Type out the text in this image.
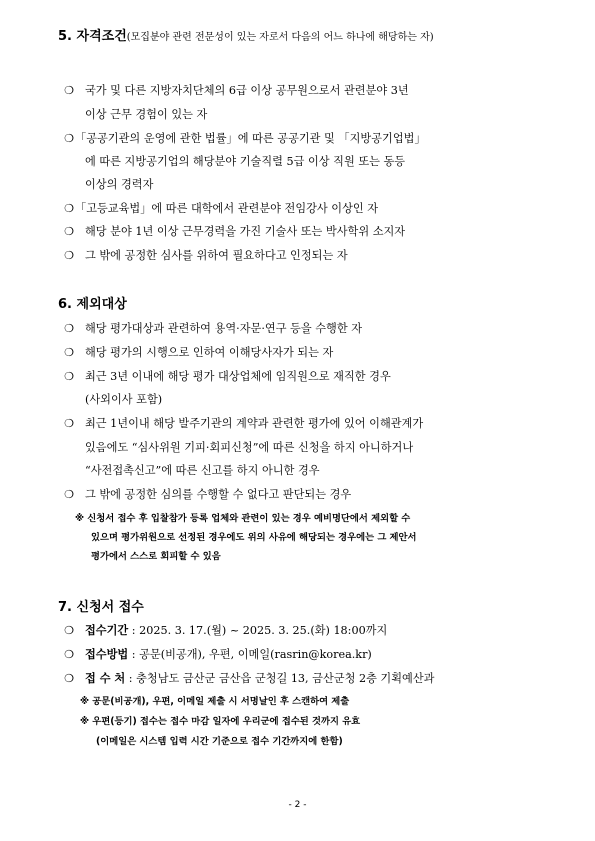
5. 자격조건(모집분야 관련 전문성이 있는 자로서 다음의 어느 하나에 해당하는 자)
❍ 국가 및 다른 지방자치단체의 6급 이상 공무원으로서 관련분야 3년
이상 근무 경험이 있는 자
❍ 「공공기관의 운영에 관한 법률」에 따른 공공기관 및 「지방공기업법」
에 따른 지방공기업의 해당분야 기술직렬 5급 이상 직원 또는 동등
이상의 경력자
❍ 「고등교육법」에 따른 대학에서 관련분야 전임강사 이상인 자
❍ 해당 분야 1년 이상 근무경력을 가진 기술사 또는 박사학위 소지자
❍ 그 밖에 공정한 심사를 위하여 필요하다고 인정되는 자
6. 제외대상
❍ 해당 평가대상과 관련하여 용역·자문·연구 등을 수행한 자
❍ 해당 평가의 시행으로 인하여 이해당사자가 되는 자
❍ 최근 3년 이내에 해당 평가 대상업체에 임직원으로 재직한 경우
(사외이사 포함)
❍ 최근 1년이내 해당 발주기관의 계약과 관련한 평가에 있어 이해관계가
있음에도 “심사위원 기피·회피신청”에 따른 신청을 하지 아니하거나
“사전접촉신고”에 따른 신고를 하지 아니한 경우
❍ 그 밖에 공정한 심의를 수행할 수 없다고 판단되는 경우
※ 신청서 접수 후 입찰참가 등록 업체와 관련이 있는 경우 예비명단에서 제외할 수
있으며 평가위원으로 선정된 경우에도 위의 사유에 해당되는 경우에는 그 제안서
평가에서 스스로 회피할 수 있음
7. 신청서 접수
❍ 접수기간 : 2025. 3. 17.(월) ~ 2025. 3. 25.(화) 18:00까지
❍ 접수방법 : 공문(비공개), 우편, 이메일(rasrin@korea.kr)
❍ 접 수 처 : 충청남도 금산군 금산읍 군청길 13, 금산군청 2층 기획예산과
※ 공문(비공개), 우편, 이메일 제출 시 서명날인 후 스캔하여 제출
※ 우편(등기) 접수는 접수 마감 일자에 우리군에 접수된 것까지 유효
(이메일은 시스템 입력 시간 기준으로 접수 기간까지에 한함)
- 2 -
